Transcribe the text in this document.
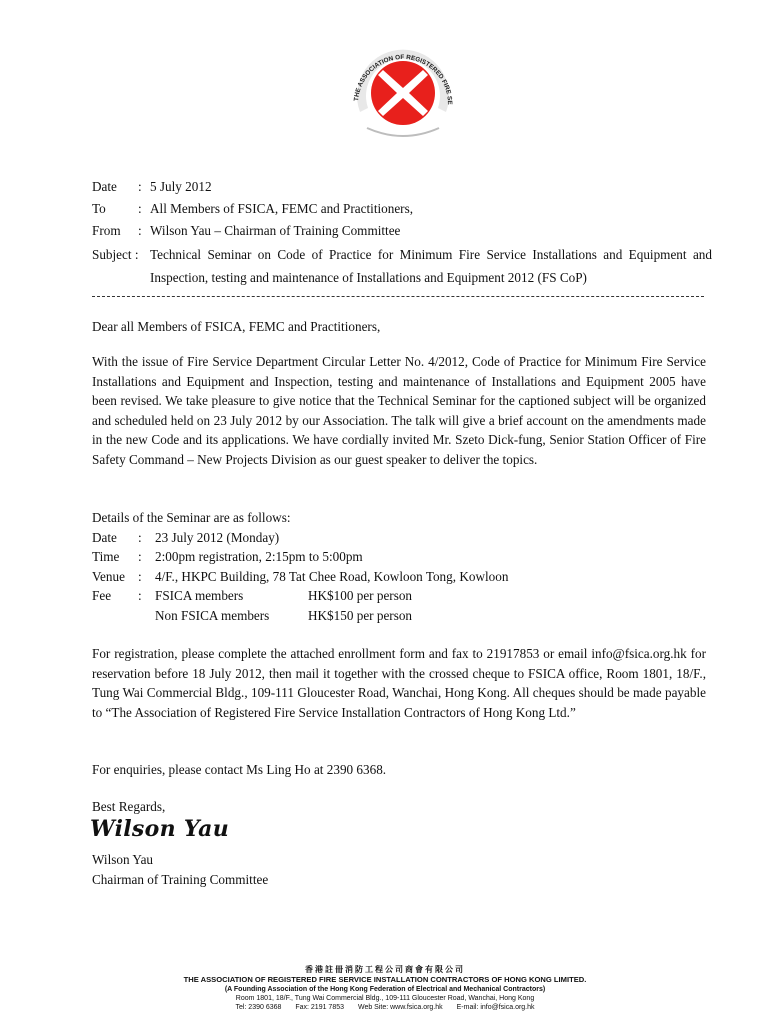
THE ASSOCIATION OF REGISTERED FIRE SE
Date	: 5 July 2012
To	: All Members of FSICA, FEMC and Practitioners,
From	: Wilson Yau – Chairman of Training Committee
Subject : Technical Seminar on Code of Practice for Minimum Fire Service Installations and Equipment and Inspection, testing and maintenance of Installations and Equipment 2012 (FS CoP)
Dear all Members of FSICA, FEMC and Practitioners,
With the issue of Fire Service Department Circular Letter No. 4/2012, Code of Practice for Minimum Fire Service Installations and Equipment and Inspection, testing and maintenance of Installations and Equipment 2005 have been revised. We take pleasure to give notice that the Technical Seminar for the captioned subject will be organized and scheduled held on 23 July 2012 by our Association. The talk will give a brief account on the amendments made in the new Code and its applications. We have cordially invited Mr. Szeto Dick-fung, Senior Station Officer of Fire Safety Command – New Projects Division as our guest speaker to deliver the topics.
Details of the Seminar are as follows:
Date	:	23 July 2012 (Monday)
Time	:	2:00pm registration, 2:15pm to 5:00pm
Venue :	4/F., HKPC Building, 78 Tat Chee Road, Kowloon Tong, Kowloon
Fee	:	FSICA members	HK$100 per person
Non FSICA members	HK$150 per person
For registration, please complete the attached enrollment form and fax to 21917853 or email info@fsica.org.hk for reservation before 18 July 2012, then mail it together with the crossed cheque to FSICA office, Room 1801, 18/F., Tung Wai Commercial Bldg., 109-111 Gloucester Road, Wanchai, Hong Kong. All cheques should be made payable to “The Association of Registered Fire Service Installation Contractors of Hong Kong Ltd.”
For enquiries, please contact Ms Ling Ho at 2390 6368.
Best Regards,
Wilson Yau
Wilson Yau
Chairman of Training Committee
香港註冊消防工程公司商會有限公司
THE ASSOCIATION OF REGISTERED FIRE SERVICE INSTALLATION CONTRACTORS OF HONG KONG LIMITED.
(A Founding Association of the Hong Kong Federation of Electrical and Mechanical Contractors)
Room 1801, 18/F., Tung Wai Commercial Bldg., 109-111 Gloucester Road, Wanchai, Hong Kong
Tel: 2390 6368 Fax: 2191 7853 Web Site: www.fsica.org.hk E-mail: info@fsica.org.hk
